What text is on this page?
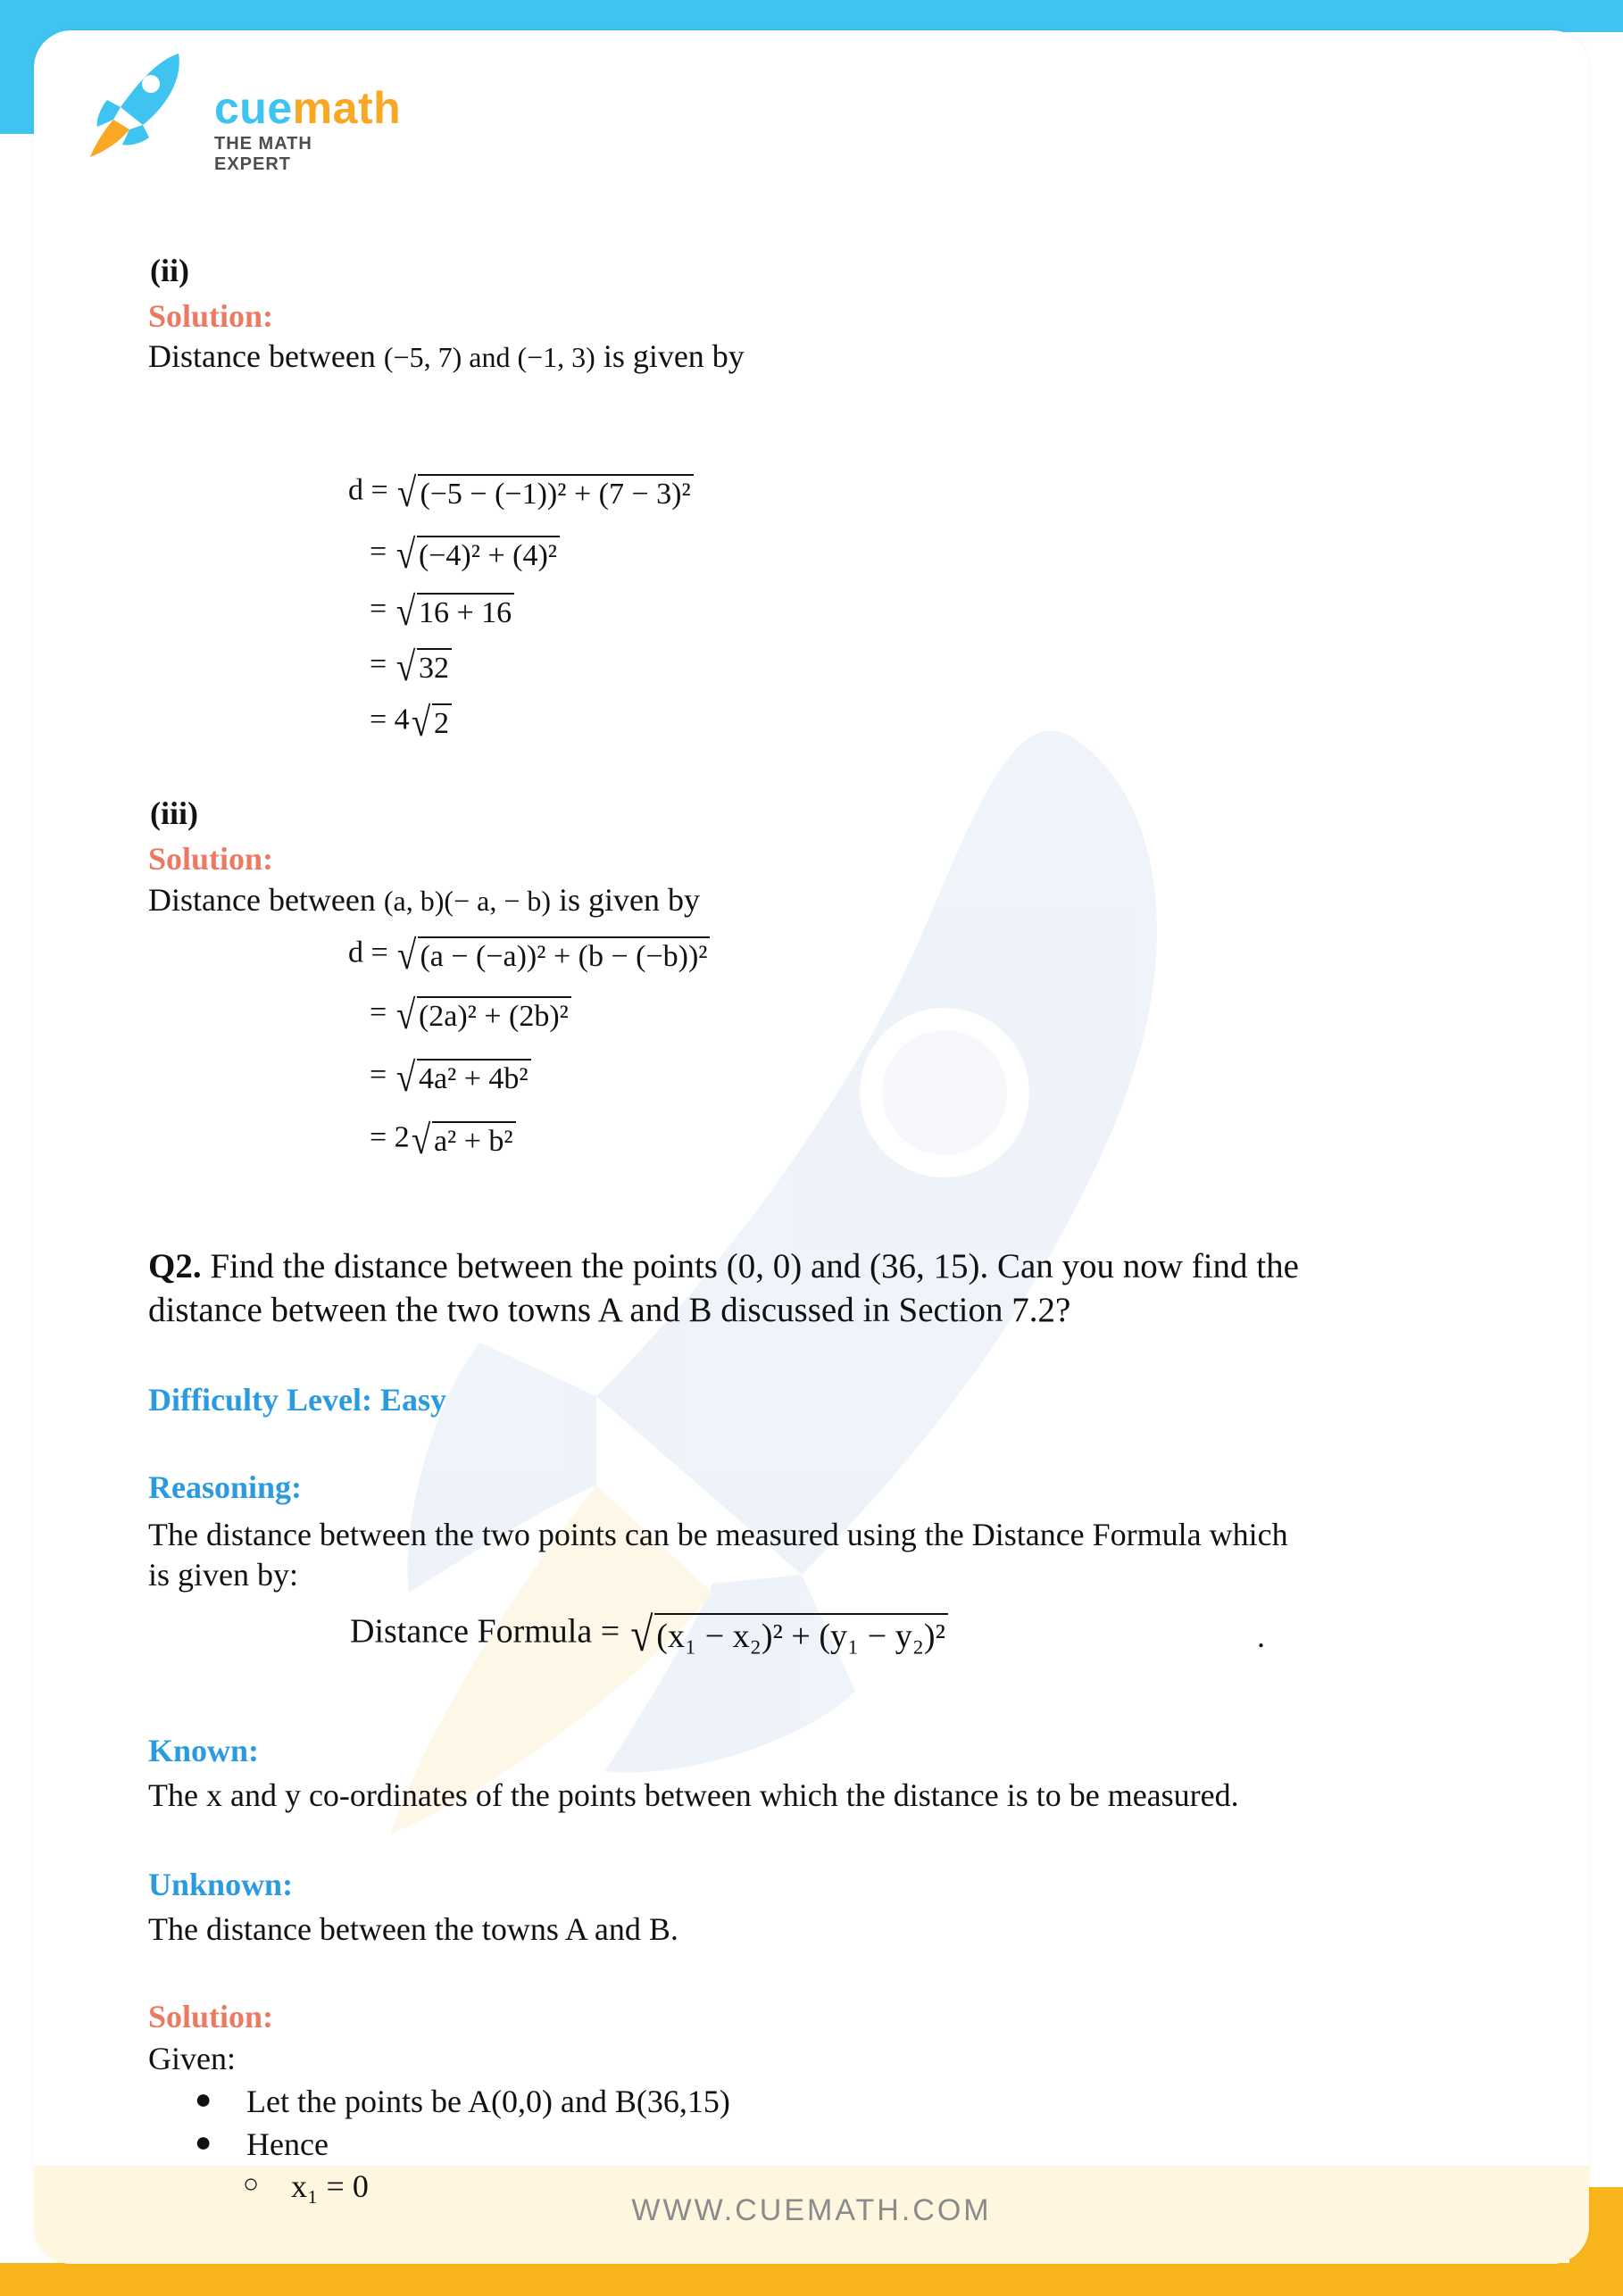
WWW.CUEMATH.COM
cuemath
THE MATH EXPERT
(ii)
Solution:
Distance between (−5, 7) and (−1, 3) is given by
d = √ (−5 − (−1))² + (7 − 3)²
= √ (−4)² + (4)²
= √ 16 + 16
= √ 32
= 4√ 2
(iii)
Solution:
Distance between (a, b)(− a, − b) is given by
d = √ (a − (−a))² + (b − (−b))²
= √ (2a)² + (2b)²
= √ 4a² + 4b²
= 2√ a² + b²
Q2. Find the distance between the points (0, 0) and (36, 15). Can you now find the
distance between the two towns A and B discussed in Section 7.2?
Difficulty Level: Easy
Reasoning:
The distance between the two points can be measured using the Distance Formula which
is given by:
Distance Formula = √ (x₁ − x₂)² + (y₁ − y₂)²	.
Known:
The x and y co-ordinates of the points between which the distance is to be measured.
Unknown:
The distance between the towns A and B.
Solution:
Given:
● Let the points be A(0,0) and B(36,15)
● Hence
○ x₁ = 0
